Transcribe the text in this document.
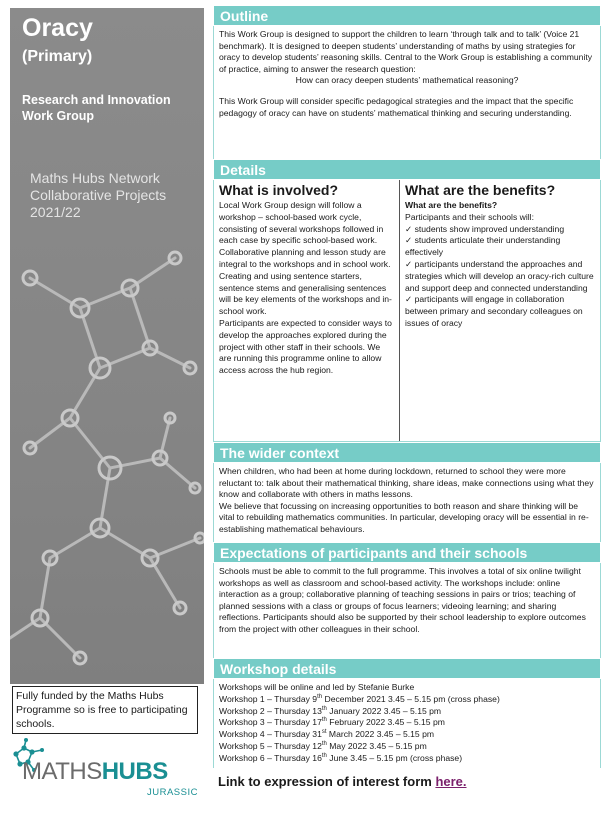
Oracy
(Primary)
Research and Innovation
Work Group
Maths Hubs Network
Collaborative Projects
2021/22
Fully funded by the Maths Hubs Programme so is free to participating schools.
MATHSHUBS
JURASSIC
Outline
This Work Group is designed to support the children to learn ‘through talk and to talk’ (Voice 21 benchmark). It is designed to deepen students’ understanding of maths by using strategies for oracy to develop students’ reasoning skills. Central to the Work Group is establishing a community of practice, aiming to answer the research question:
How can oracy deepen students’ mathematical reasoning?
This Work Group will consider specific pedagogical strategies and the impact that the specific pedagogy of oracy can have on students’ mathematical thinking and securing understanding.
Details
What is involved?
Local Work Group design will follow a workshop – school-based work cycle, consisting of several workshops followed in each case by specific school-based work. Collaborative planning and lesson study are integral to the workshops and in school work.
Creating and using sentence starters, sentence stems and generalising sentences will be key elements of the workshops and in-school work.
Participants are expected to consider ways to develop the approaches explored during the project with other staff in their schools. We are running this programme online to allow access across the hub region.
What are the benefits?
What are the benefits?
Participants and their schools will:
✓ students show improved understanding
✓ students articulate their understanding effectively
✓ participants understand the approaches and strategies which will develop an oracy-rich culture and support deep and connected understanding
✓ participants will engage in collaboration between primary and secondary colleagues on issues of oracy
The wider context
When children, who had been at home during lockdown, returned to school they were more reluctant to: talk about their mathematical thinking, share ideas, make connections using what they know and collaborate with others in maths lessons.
We believe that focussing on increasing opportunities to both reason and share thinking will be vital to rebuilding mathematics communities. In particular, developing oracy will be essential in re-establishing mathematical behaviours.
Expectations of participants and their schools
Schools must be able to commit to the full programme. This involves a total of six online twilight workshops as well as classroom and school-based activity. The workshops include: online interaction as a group; collaborative planning of teaching sessions in pairs or trios; teaching of planned sessions with a class or groups of focus learners; videoing learning; and sharing reflections. Participants should also be supported by their school leadership to explore outcomes from the project with other colleagues in their school.
Workshop details
Workshops will be online and led by Stefanie Burke
Workshop 1 – Thursday 9th December 2021 3.45 – 5.15 pm (cross phase)
Workshop 2 – Thursday 13th January 2022 3.45 – 5.15 pm
Workshop 3 – Thursday 17th February 2022 3.45 – 5.15 pm
Workshop 4 – Thursday 31st March 2022 3.45 – 5.15 pm
Workshop 5 – Thursday 12th May 2022 3.45 – 5.15 pm
Workshop 6 – Thursday 16th June 3.45 – 5.15 pm (cross phase)
Link to expression of interest form here.
